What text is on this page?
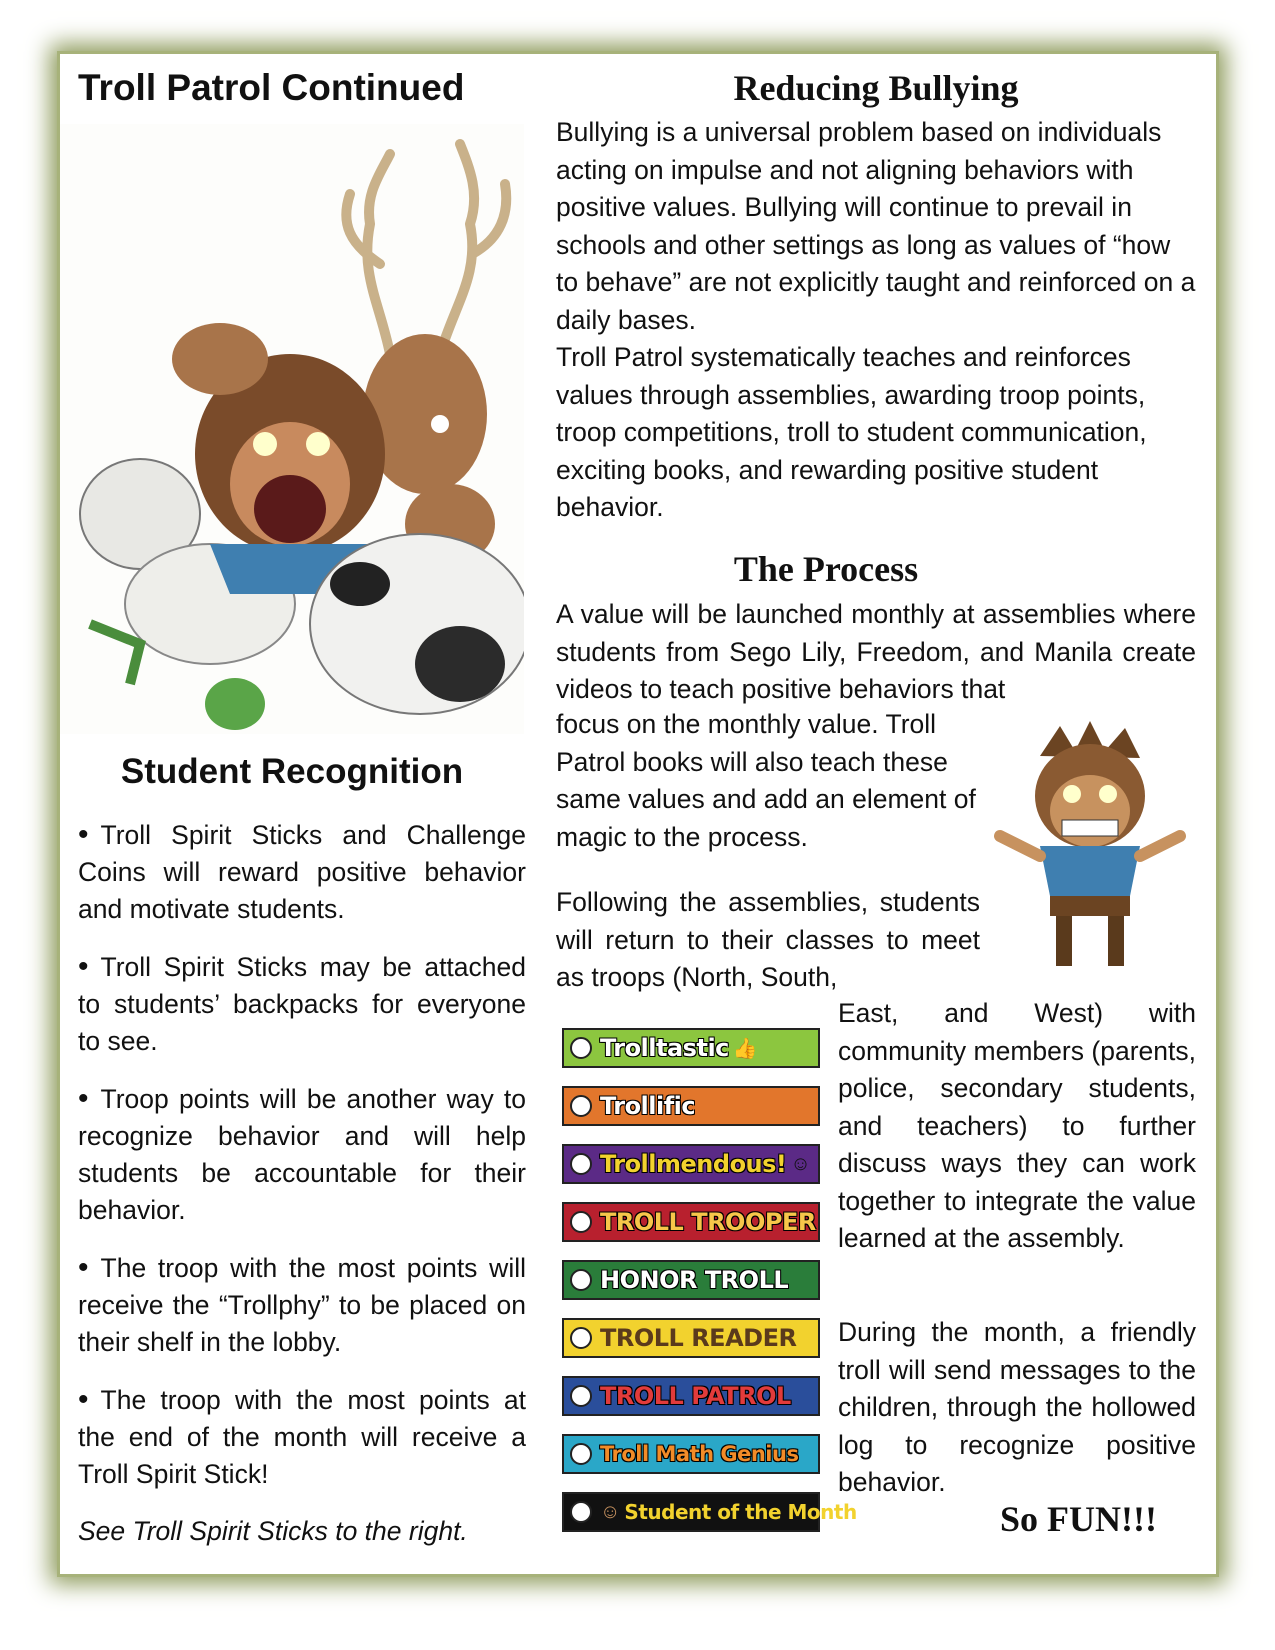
Troll Patrol Continued
Student Recognition

• Troll Spirit Sticks and Challenge Coins will reward positive behavior and motivate students.

• Troll Spirit Sticks may be attached to students’ backpacks for everyone to see.

• Troop points will be another way to recognize behavior and will help students be accountable for their behavior.

• The troop with the most points will receive the “Trollphy” to be placed on their shelf in the lobby.

• The troop with the most points at the end of the month will receive a Troll Spirit Stick!

See Troll Spirit Sticks to the right.

Reducing Bullying

Bullying is a universal problem based on individuals acting on impulse and not aligning behaviors with positive values. Bullying will continue to prevail in schools and other settings as long as values of “how to behave” are not explicitly taught and reinforced on a daily bases.

Troll Patrol systematically teaches and reinforces values through assemblies, awarding troop points, troop competitions, troll to student communication, exciting books, and rewarding positive student behavior.

The Process
A value will be launched monthly at assemblies where students from Sego Lily, Freedom, and Manila create videos to teach positive behaviors that
focus on the monthly value. Troll Patrol books will also teach these same values and add an element of magic to the process.
Following the assemblies, students will return to their classes to meet as troops (North, South,
East, and West) with community members (parents, police, secondary students, and teachers) to further discuss ways they can work together to integrate the value learned at the assembly.
During the month, a friendly troll will send messages to the children, through the hollowed log to recognize positive behavior.
So FUN!!!
Trolltastic 👍
Trollific
Trollmendous! ☺
TROLL TROOPER
HONOR TROLL
TROLL READER
TROLL PATROL
Troll Math Genius
☺ Student of the Month
